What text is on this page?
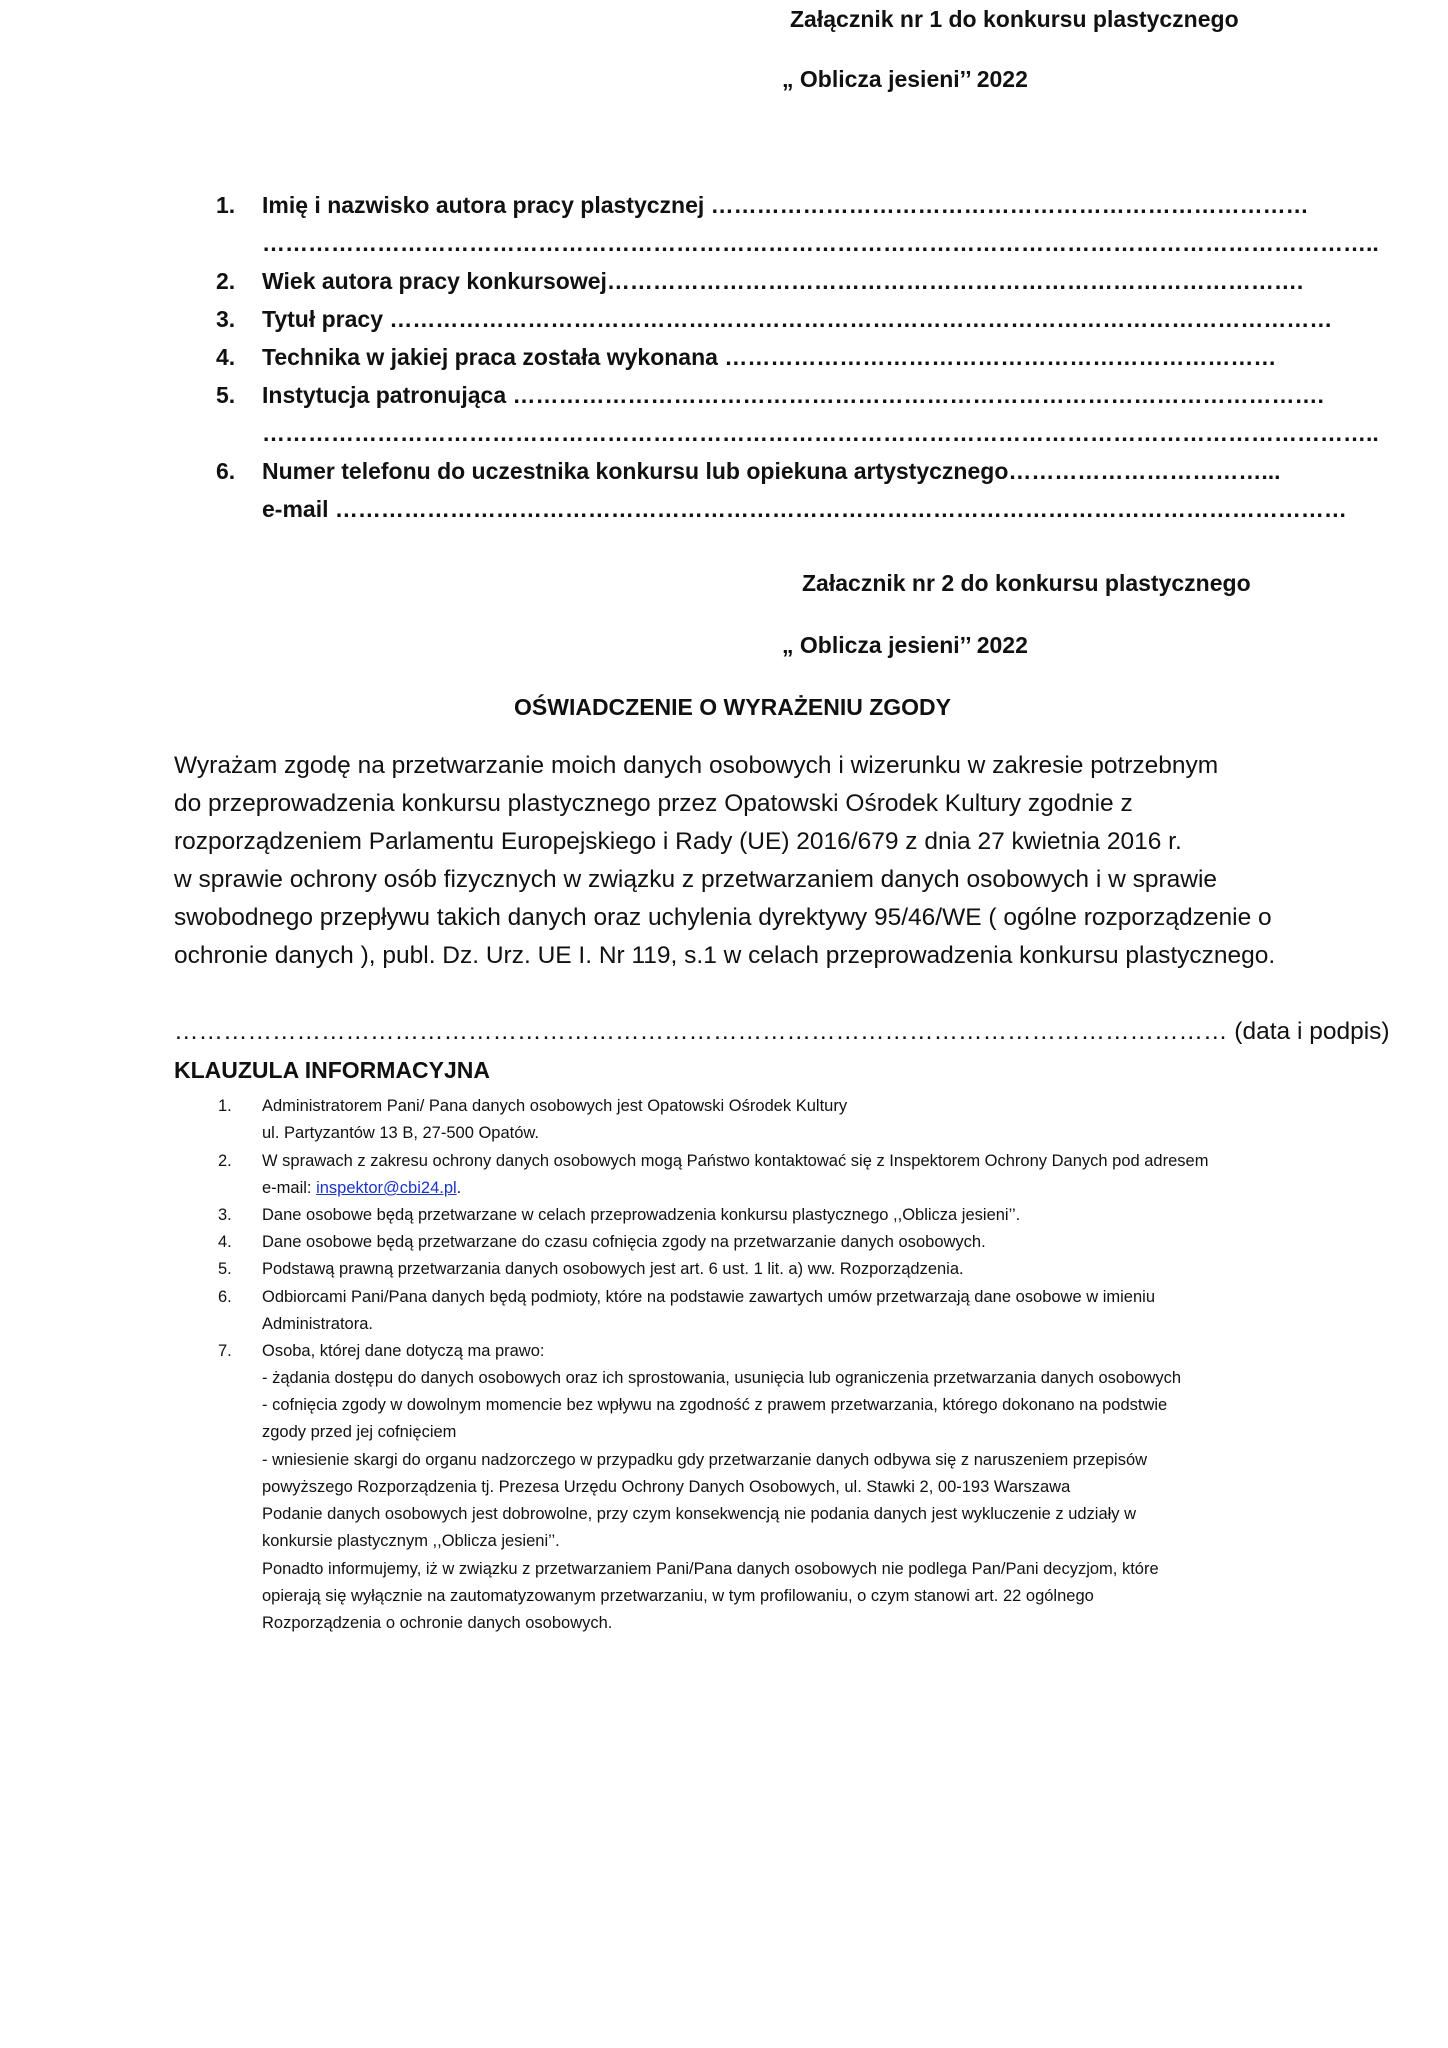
Załącznik nr 1 do konkursu plastycznego
„ Oblicza jesieni’’ 2022
1. Imię i nazwisko autora pracy plastycznej ……………………………………………………………………
………………………………………………………………………………………………………………………………..
2. Wiek autora pracy konkursowej……………………………………………………………………………….
3. Tytuł pracy ……………………………………………………………………………………………………………
4. Technika w jakiej praca została wykonana ………………………………………………………………
5. Instytucja patronująca …………………………………………………………………………………………….
………………………………………………………………………………………………………………………………..
6. Numer telefonu do uczestnika konkursu lub opiekuna artystycznego……………………………...
e-mail ……………………………………………………………………………………………………………………
Załacznik nr 2 do konkursu plastycznego
„ Oblicza jesieni’’ 2022
OŚWIADCZENIE O WYRAŻENIU ZGODY
Wyrażam zgodę na przetwarzanie moich danych osobowych i wizerunku w zakresie potrzebnym
do przeprowadzenia konkursu plastycznego przez Opatowski Ośrodek Kultury zgodnie z
rozporządzeniem Parlamentu Europejskiego i Rady (UE) 2016/679 z dnia 27 kwietnia 2016 r.
w sprawie ochrony osób fizycznych w związku z przetwarzaniem danych osobowych i w sprawie
swobodnego przepływu takich danych oraz uchylenia dyrektywy 95/46/WE ( ogólne rozporządzenie o
ochronie danych ), publ. Dz. Urz. UE I. Nr 119, s.1 w celach przeprowadzenia konkursu plastycznego.
………………………………………………………………………………………………………………… (data i podpis)
KLAUZULA INFORMACYJNA
1. Administratorem Pani/ Pana danych osobowych jest Opatowski Ośrodek Kultury
ul. Partyzantów 13 B, 27-500 Opatów.
2. W sprawach z zakresu ochrony danych osobowych mogą Państwo kontaktować się z Inspektorem Ochrony Danych pod adresem
e-mail: inspektor@cbi24.pl.
3. Dane osobowe będą przetwarzane w celach przeprowadzenia konkursu plastycznego ,,Oblicza jesieni’’.
4. Dane osobowe będą przetwarzane do czasu cofnięcia zgody na przetwarzanie danych osobowych.
5. Podstawą prawną przetwarzania danych osobowych jest art. 6 ust. 1 lit. a) ww. Rozporządzenia.
6. Odbiorcami Pani/Pana danych będą podmioty, które na podstawie zawartych umów przetwarzają dane osobowe w imieniu
Administratora.
7. Osoba, której dane dotyczą ma prawo:
- żądania dostępu do danych osobowych oraz ich sprostowania, usunięcia lub ograniczenia przetwarzania danych osobowych
- cofnięcia zgody w dowolnym momencie bez wpływu na zgodność z prawem przetwarzania, którego dokonano na podstwie
zgody przed jej cofnięciem
- wniesienie skargi do organu nadzorczego w przypadku gdy przetwarzanie danych odbywa się z naruszeniem przepisów
powyższego Rozporządzenia tj. Prezesa Urzędu Ochrony Danych Osobowych, ul. Stawki 2, 00-193 Warszawa
Podanie danych osobowych jest dobrowolne, przy czym konsekwencją nie podania danych jest wykluczenie z udziały w
konkursie plastycznym ,,Oblicza jesieni’’.
Ponadto informujemy, iż w związku z przetwarzaniem Pani/Pana danych osobowych nie podlega Pan/Pani decyzjom, które
opierają się wyłącznie na zautomatyzowanym przetwarzaniu, w tym profilowaniu, o czym stanowi art. 22 ogólnego
Rozporządzenia o ochronie danych osobowych.
